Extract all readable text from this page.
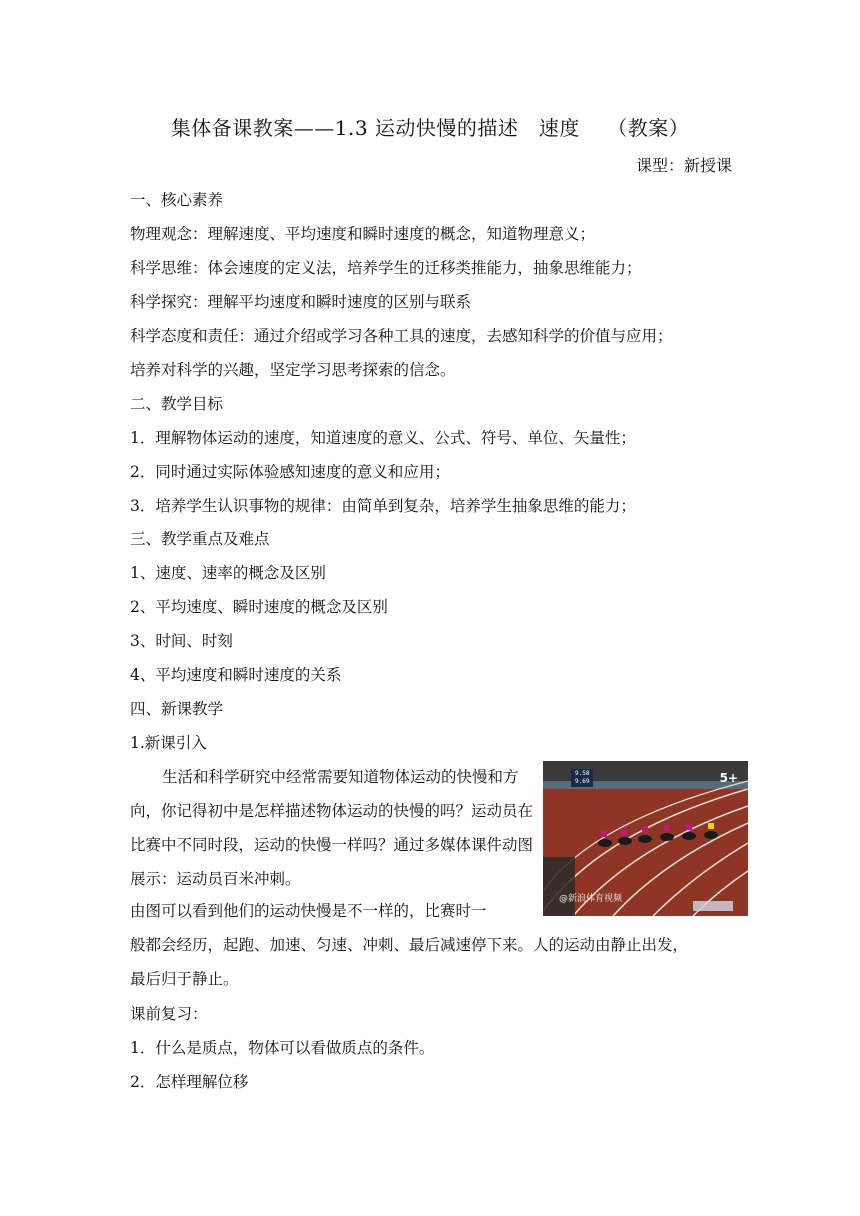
集体备课教案——1.3 运动快慢的描述　速度　 （教案）
课型：新授课
一、核心素养
物理观念：理解速度、平均速度和瞬时速度的概念，知道物理意义；
科学思维：体会速度的定义法，培养学生的迁移类推能力，抽象思维能力；
科学探究：理解平均速度和瞬时速度的区别与联系
科学态度和责任：通过介绍或学习各种工具的速度，去感知科学的价值与应用；
培养对科学的兴趣，坚定学习思考探索的信念。
二、教学目标
1．理解物体运动的速度，知道速度的意义、公式、符号、单位、矢量性；
2．同时通过实际体验感知速度的意义和应用；
3．培养学生认识事物的规律：由简单到复杂，培养学生抽象思维的能力；
三、教学重点及难点
1、速度、速率的概念及区别
2、平均速度、瞬时速度的概念及区别
3、时间、时刻
4、平均速度和瞬时速度的关系
四、新课教学
1.新课引入
生活和科学研究中经常需要知道物体运动的快慢和方向，你记得初中是怎样描述物体运动的快慢的吗？运动员在比赛中不同时段，运动的快慢一样吗？通过多媒体课件动图展示：运动员百米冲刺。
9.58
9.69	5+
@新浪体育视频
由图可以看到他们的运动快慢是不一样的，比赛时一
般都会经历，起跑、加速、匀速、冲刺、最后减速停下来。人的运动由静止出发，
最后归于静止。
课前复习：
1．什么是质点，物体可以看做质点的条件。
2．怎样理解位移
